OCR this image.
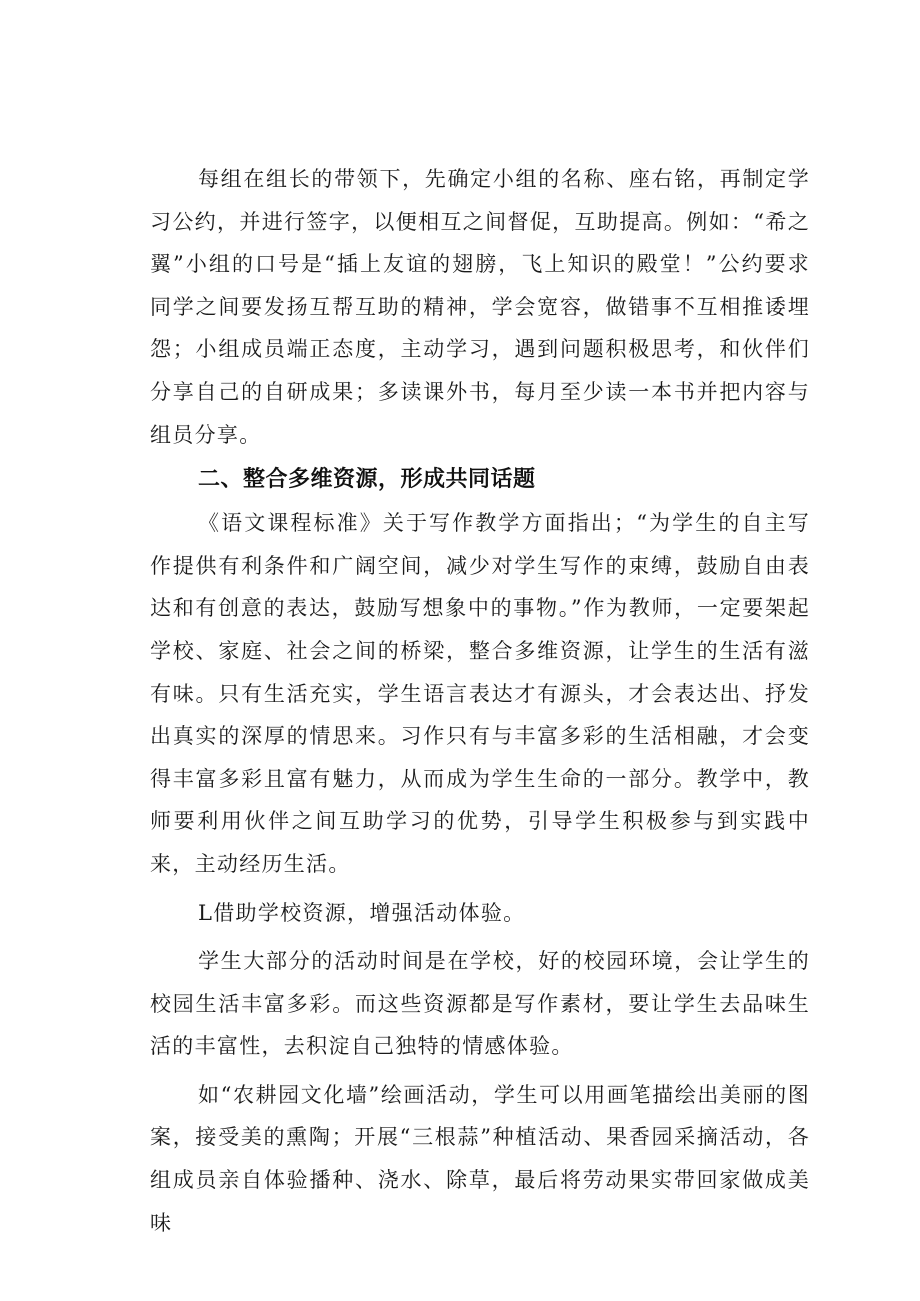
每组在组长的带领下，先确定小组的名称、座右铭，再制定学习公约，并进行签字，以便相互之间督促，互助提高。例如：“希之翼”小组的口号是“插上友谊的翅膀，飞上知识的殿堂！”公约要求同学之间要发扬互帮互助的精神，学会宽容，做错事不互相推诿埋怨；小组成员端正态度，主动学习，遇到问题积极思考，和伙伴们分享自己的自研成果；多读课外书，每月至少读一本书并把内容与组员分享。

二、整合多维资源，形成共同话题

《语文课程标准》关于写作教学方面指出；“为学生的自主写作提供有利条件和广阔空间，减少对学生写作的束缚，鼓励自由表达和有创意的表达，鼓励写想象中的事物。”作为教师，一定要架起学校、家庭、社会之间的桥梁，整合多维资源，让学生的生活有滋有味。只有生活充实，学生语言表达才有源头，才会表达出、抒发出真实的深厚的情思来。习作只有与丰富多彩的生活相融，才会变得丰富多彩且富有魅力，从而成为学生生命的一部分。教学中，教师要利用伙伴之间互助学习的优势，引导学生积极参与到实践中来，主动经历生活。

L借助学校资源，增强活动体验。

学生大部分的活动时间是在学校，好的校园环境，会让学生的校园生活丰富多彩。而这些资源都是写作素材，要让学生去品味生活的丰富性，去积淀自己独特的情感体验。

如“农耕园文化墙”绘画活动，学生可以用画笔描绘出美丽的图案，接受美的熏陶；开展“三根蒜”种植活动、果香园采摘活动，各组成员亲自体验播种、浇水、除草，最后将劳动果实带回家做成美味
